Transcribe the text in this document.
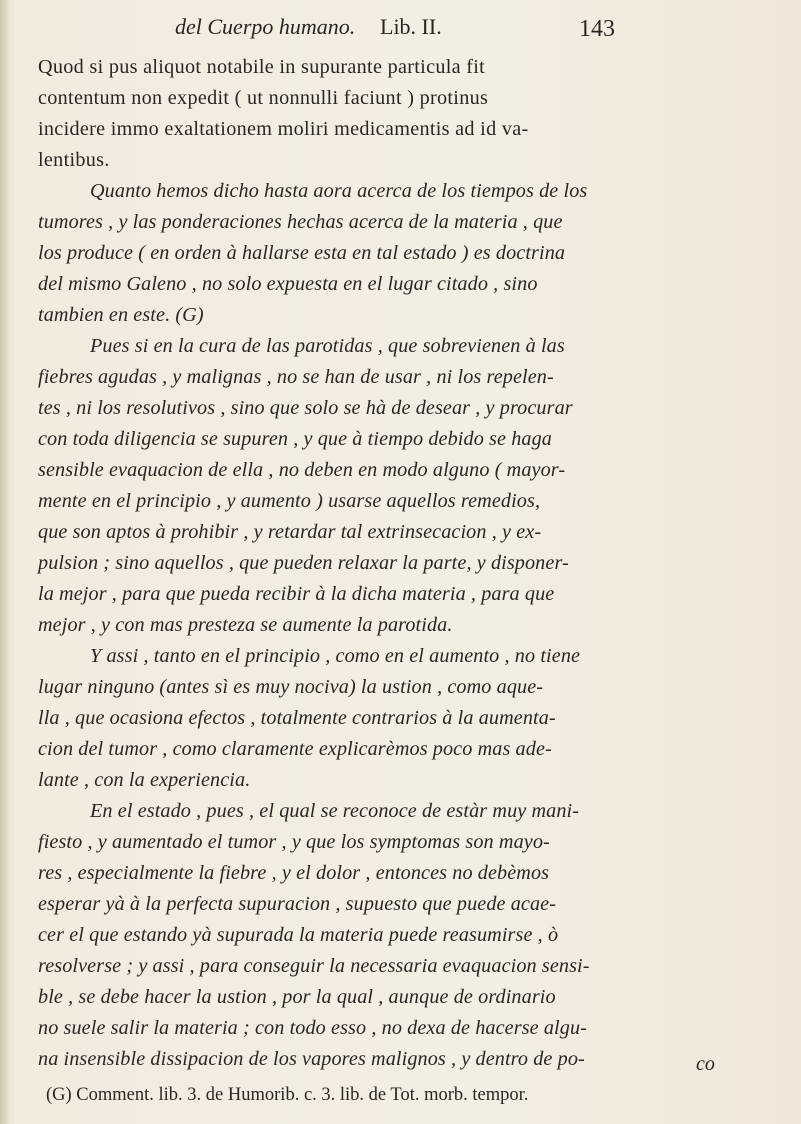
del Cuerpo humano. Lib. II.	143
Quod si pus aliquot notabile in supurante particula fit
contentum non expedit ( ut nonnulli faciunt ) protinus
incidere immo exaltationem moliri medicamentis ad id va-
lentibus.
Quanto hemos dicho hasta aora acerca de los tiempos de los
tumores , y las ponderaciones hechas acerca de la materia , que
los produce ( en orden à hallarse esta en tal estado ) es doctrina
del mismo Galeno , no solo expuesta en el lugar citado , sino
tambien en este. (G)
Pues si en la cura de las parotidas , que sobrevienen à las
fiebres agudas , y malignas , no se han de usar , ni los repelen-
tes , ni los resolutivos , sino que solo se hà de desear , y procurar
con toda diligencia se supuren , y que à tiempo debido se haga
sensible evaquacion de ella , no deben en modo alguno ( mayor-
mente en el principio , y aumento ) usarse aquellos remedios,
que son aptos à prohibir , y retardar tal extrinsecacion , y ex-
pulsion ; sino aquellos , que pueden relaxar la parte, y disponer-
la mejor , para que pueda recibir à la dicha materia , para que
mejor , y con mas presteza se aumente la parotida.
Y assi , tanto en el principio , como en el aumento , no tiene
lugar ninguno (antes sì es muy nociva) la ustion , como aque-
lla , que ocasiona efectos , totalmente contrarios à la aumenta-
cion del tumor , como claramente explicarèmos poco mas ade-
lante , con la experiencia.
En el estado , pues , el qual se reconoce de estàr muy mani-
fiesto , y aumentado el tumor , y que los symptomas son mayo-
res , especialmente la fiebre , y el dolor , entonces no debèmos
esperar yà à la perfecta supuracion , supuesto que puede acae-
cer el que estando yà supurada la materia puede reasumirse , ò
resolverse ; y assi , para conseguir la necessaria evaquacion sensi-
ble , se debe hacer la ustion , por la qual , aunque de ordinario
no suele salir la materia ; con todo esso , no dexa de hacerse algu-
na insensible dissipacion de los vapores malignos , y dentro de po-	co
(G) Comment. lib. 3. de Humorib. c. 3. lib. de Tot. morb. tempor.
